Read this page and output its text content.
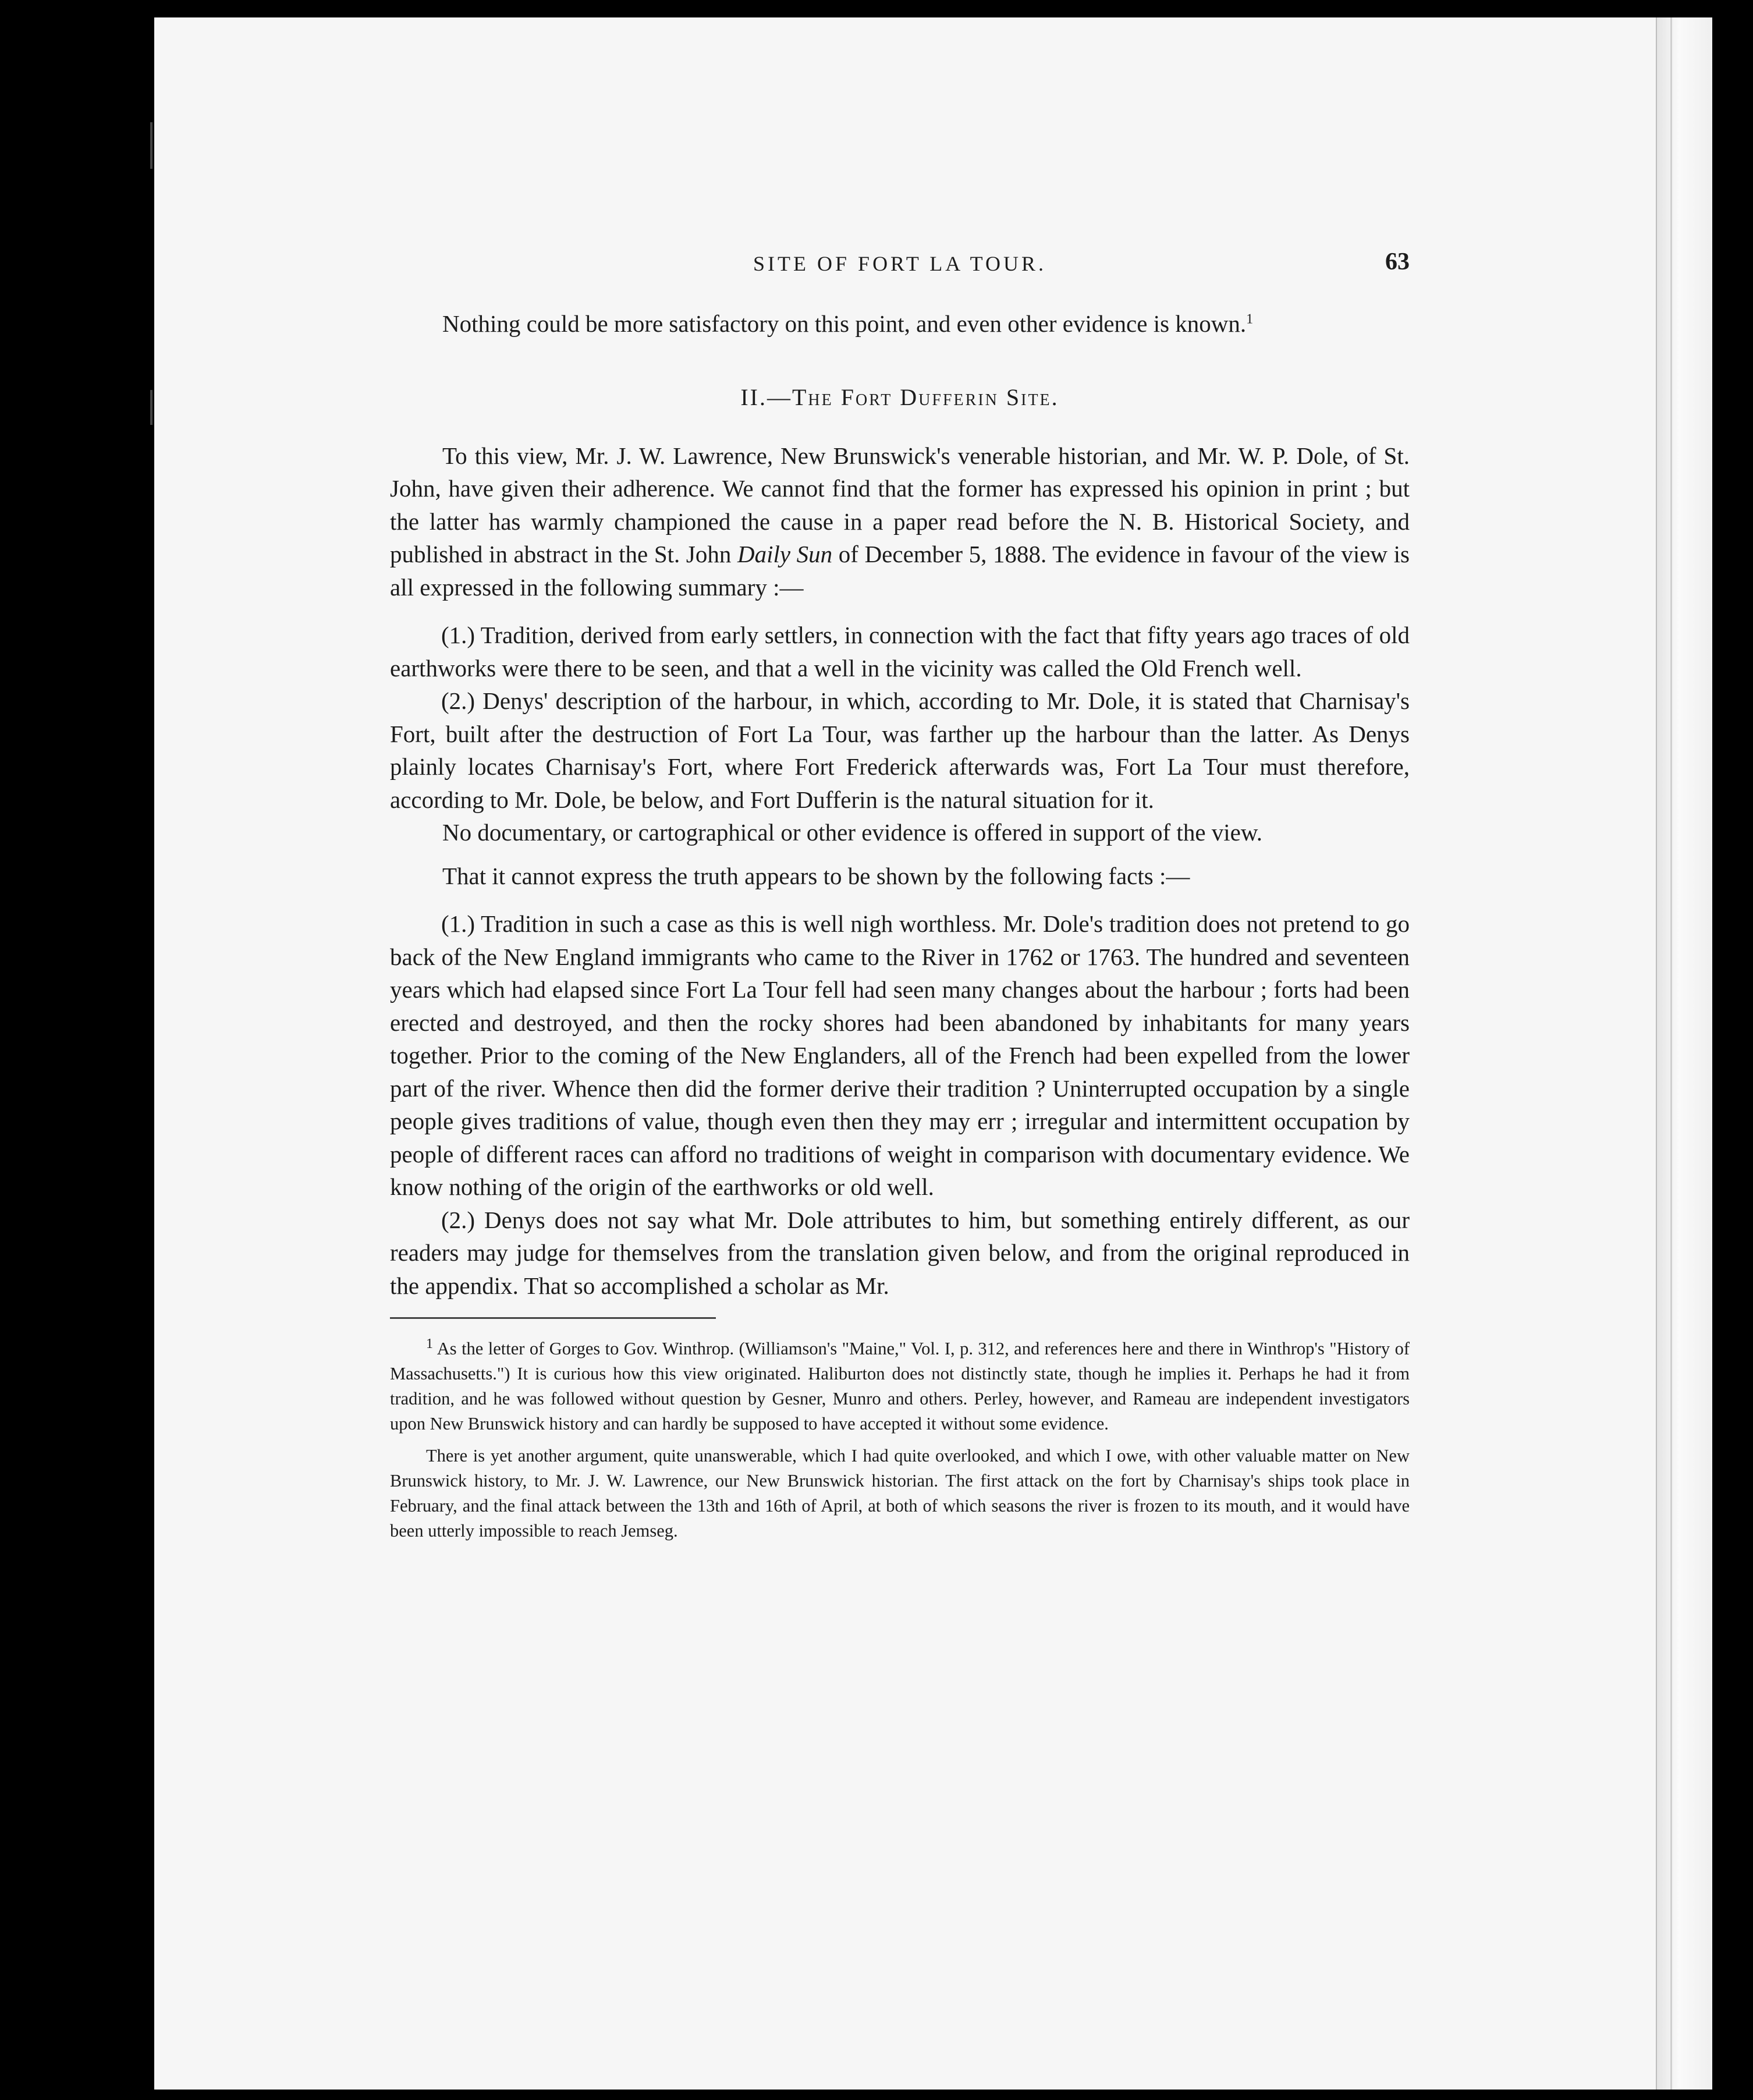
SITE OF FORT LA TOUR.	63

Nothing could be more satisfactory on this point, and even other evidence is known.$^1$

II.—The Fort Dufferin Site.

To this view, Mr. J. W. Lawrence, New Brunswick's venerable historian, and Mr. W. P. Dole, of St. John, have given their adherence. We cannot find that the former has expressed his opinion in print ; but the latter has warmly championed the cause in a paper read before the N. B. Historical Society, and published in abstract in the St. John Daily Sun of December 5, 1888. The evidence in favour of the view is all expressed in the following summary :—

(1.) Tradition, derived from early settlers, in connection with the fact that fifty years ago traces of old earthworks were there to be seen, and that a well in the vicinity was called the Old French well.

(2.) Denys' description of the harbour, in which, according to Mr. Dole, it is stated that Charnisay's Fort, built after the destruction of Fort La Tour, was farther up the harbour than the latter. As Denys plainly locates Charnisay's Fort, where Fort Frederick afterwards was, Fort La Tour must therefore, according to Mr. Dole, be below, and Fort Dufferin is the natural situation for it.

No documentary, or cartographical or other evidence is offered in support of the view.

That it cannot express the truth appears to be shown by the following facts :—

(1.) Tradition in such a case as this is well nigh worthless. Mr. Dole's tradition does not pretend to go back of the New England immigrants who came to the River in 1762 or 1763. The hundred and seventeen years which had elapsed since Fort La Tour fell had seen many changes about the harbour ; forts had been erected and destroyed, and then the rocky shores had been abandoned by inhabitants for many years together. Prior to the coming of the New Englanders, all of the French had been expelled from the lower part of the river. Whence then did the former derive their tradition ? Uninterrupted occupation by a single people gives traditions of value, though even then they may err ; irregular and intermittent occupation by people of different races can afford no traditions of weight in comparison with documentary evidence. We know nothing of the origin of the earthworks or old well.

(2.) Denys does not say what Mr. Dole attributes to him, but something entirely different, as our readers may judge for themselves from the translation given below, and from the original reproduced in the appendix. That so accomplished a scholar as Mr.

$^1$ As the letter of Gorges to Gov. Winthrop. (Williamson's "Maine," Vol. I, p. 312, and references here and there in Winthrop's "History of Massachusetts.") It is curious how this view originated. Haliburton does not distinctly state, though he implies it. Perhaps he had it from tradition, and he was followed without question by Gesner, Munro and others. Perley, however, and Rameau are independent investigators upon New Brunswick history and can hardly be supposed to have accepted it without some evidence.

There is yet another argument, quite unanswerable, which I had quite overlooked, and which I owe, with other valuable matter on New Brunswick history, to Mr. J. W. Lawrence, our New Brunswick historian. The first attack on the fort by Charnisay's ships took place in February, and the final attack between the 13th and 16th of April, at both of which seasons the river is frozen to its mouth, and it would have been utterly impossible to reach Jemseg.
